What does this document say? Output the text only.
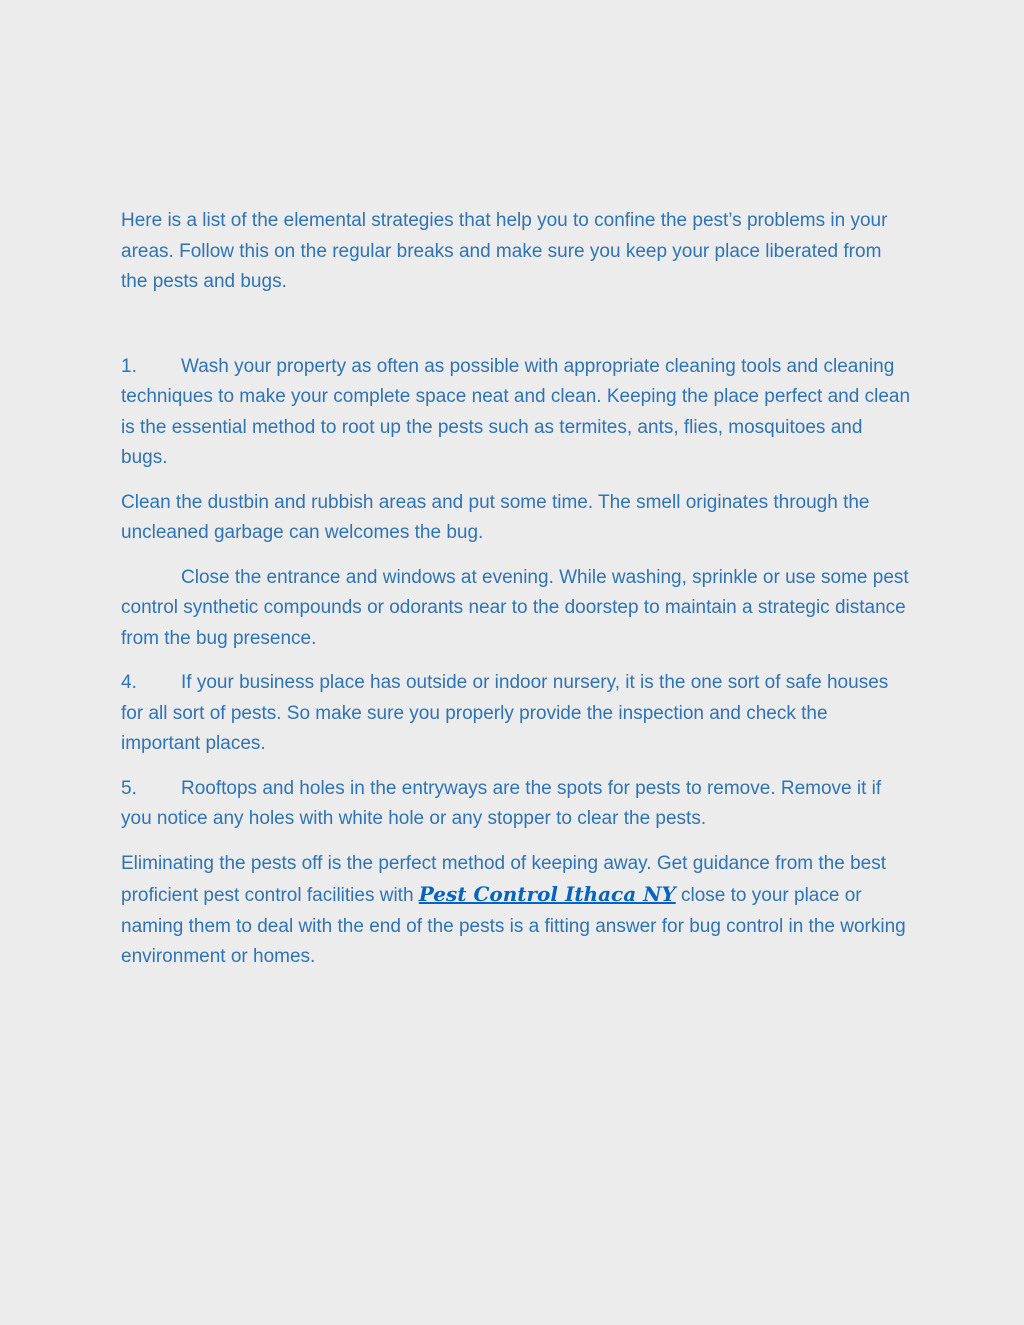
Here is a list of the elemental strategies that help you to confine the pest’s problems in your areas. Follow this on the regular breaks and make sure you keep your place liberated from the pests and bugs.

1. Wash your property as often as possible with appropriate cleaning tools and cleaning techniques to make your complete space neat and clean. Keeping the place perfect and clean is the essential method to root up the pests such as termites, ants, flies, mosquitoes and bugs.

Clean the dustbin and rubbish areas and put some time. The smell originates through the uncleaned garbage can welcomes the bug.

Close the entrance and windows at evening. While washing, sprinkle or use some pest control synthetic compounds or odorants near to the doorstep to maintain a strategic distance from the bug presence.

4. If your business place has outside or indoor nursery, it is the one sort of safe houses for all sort of pests. So make sure you properly provide the inspection and check the important places.

5. Rooftops and holes in the entryways are the spots for pests to remove. Remove it if you notice any holes with white hole or any stopper to clear the pests.

Eliminating the pests off is the perfect method of keeping away. Get guidance from the best proficient pest control facilities with Pest Control Ithaca NY close to your place or naming them to deal with the end of the pests is a fitting answer for bug control in the working environment or homes.
